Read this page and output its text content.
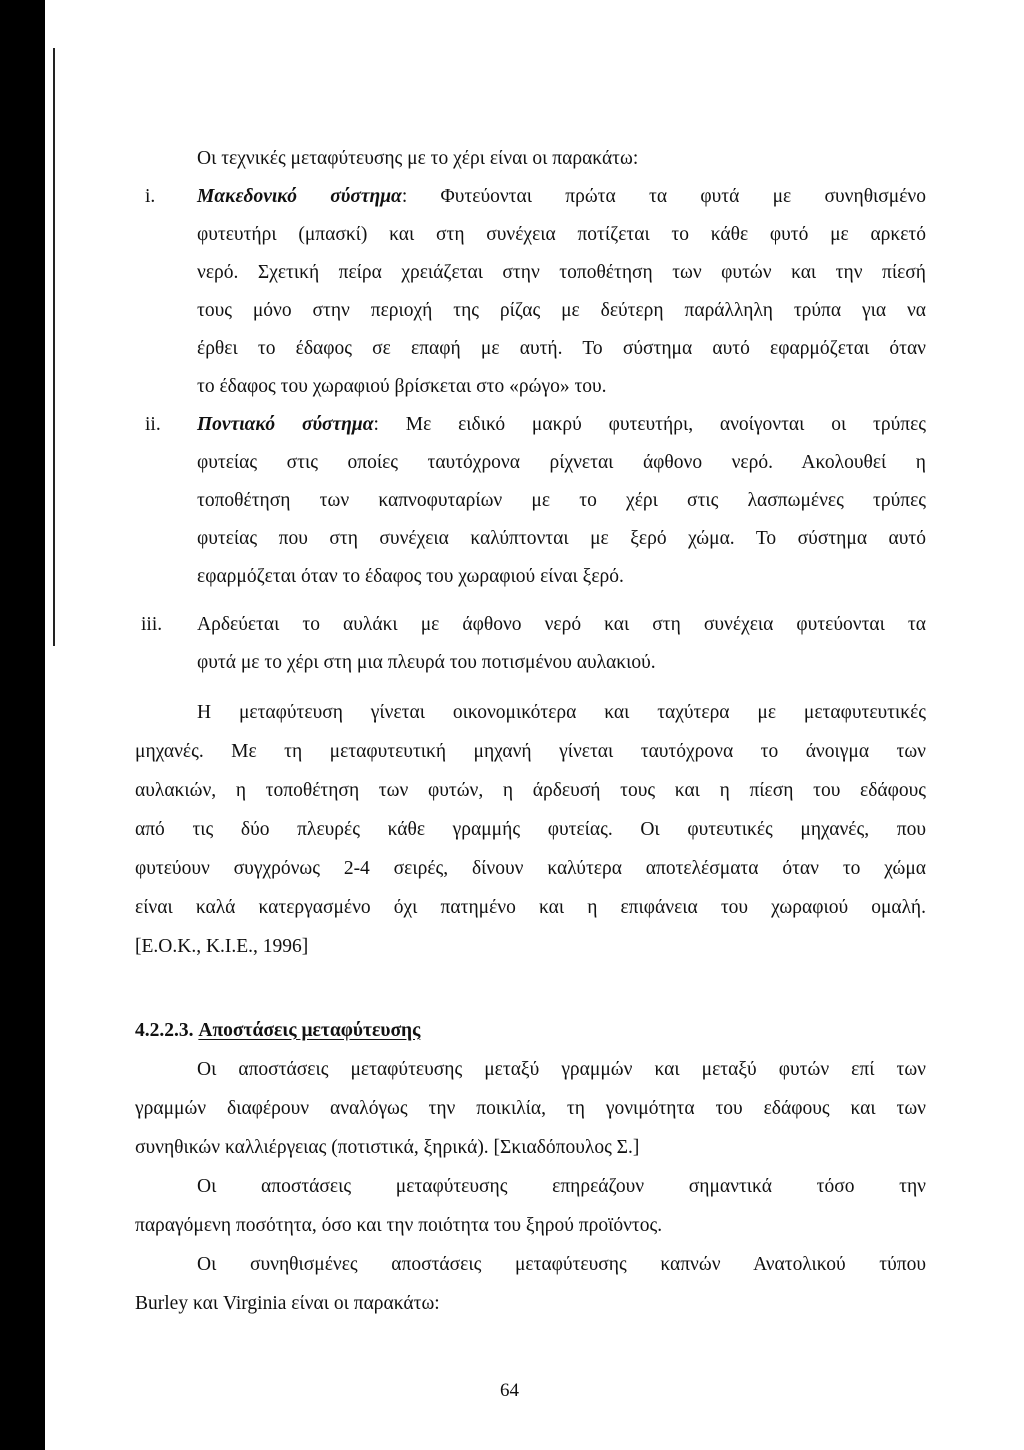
Οι τεχνικές μεταφύτευσης με το χέρι είναι οι παρακάτω:
i. Μακεδονικό σύστημα: Φυτεύονται πρώτα τα φυτά με συνηθισμένο
φυτευτήρι (μπασκί) και στη συνέχεια ποτίζεται το κάθε φυτό με αρκετό
νερό. Σχετική πείρα χρειάζεται στην τοποθέτηση των φυτών και την πίεσή
τους μόνο στην περιοχή της ρίζας με δεύτερη παράλληλη τρύπα για να
έρθει το έδαφος σε επαφή με αυτή. Το σύστημα αυτό εφαρμόζεται όταν
το έδαφος του χωραφιού βρίσκεται στο «ρώγο» του.
ii. Ποντιακό σύστημα: Με ειδικό μακρύ φυτευτήρι, ανοίγονται οι τρύπες
φυτείας στις οποίες ταυτόχρονα ρίχνεται άφθονο νερό. Ακολουθεί η
τοποθέτηση των καπνοφυταρίων με το χέρι στις λασπωμένες τρύπες
φυτείας που στη συνέχεια καλύπτονται με ξερό χώμα. Το σύστημα αυτό
εφαρμόζεται όταν το έδαφος του χωραφιού είναι ξερό.
iii. Αρδεύεται το αυλάκι με άφθονο νερό και στη συνέχεια φυτεύονται τα
φυτά με το χέρι στη μια πλευρά του ποτισμένου αυλακιού.
Η μεταφύτευση γίνεται οικονομικότερα και ταχύτερα με μεταφυτευτικές
μηχανές. Με τη μεταφυτευτική μηχανή γίνεται ταυτόχρονα το άνοιγμα των
αυλακιών, η τοποθέτηση των φυτών, η άρδευσή τους και η πίεση του εδάφους
από τις δύο πλευρές κάθε γραμμής φυτείας. Οι φυτευτικές μηχανές, που
φυτεύουν συγχρόνως 2-4 σειρές, δίνουν καλύτερα αποτελέσματα όταν το χώμα
είναι καλά κατεργασμένο όχι πατημένο και η επιφάνεια του χωραφιού ομαλή.
[Ε.Ο.Κ., Κ.Ι.Ε., 1996]
4.2.2.3. Αποστάσεις μεταφύτευσης
Οι αποστάσεις μεταφύτευσης μεταξύ γραμμών και μεταξύ φυτών επί των
γραμμών διαφέρουν αναλόγως την ποικιλία, τη γονιμότητα του εδάφους και των
συνηθικών καλλιέργειας (ποτιστικά, ξηρικά). [Σκιαδόπουλος Σ.]
Οι αποστάσεις μεταφύτευσης επηρεάζουν σημαντικά τόσο την
παραγόμενη ποσότητα, όσο και την ποιότητα του ξηρού προϊόντος.
Οι συνηθισμένες αποστάσεις μεταφύτευσης καπνών Ανατολικού τύπου
Burley και Virginia είναι οι παρακάτω:
64
